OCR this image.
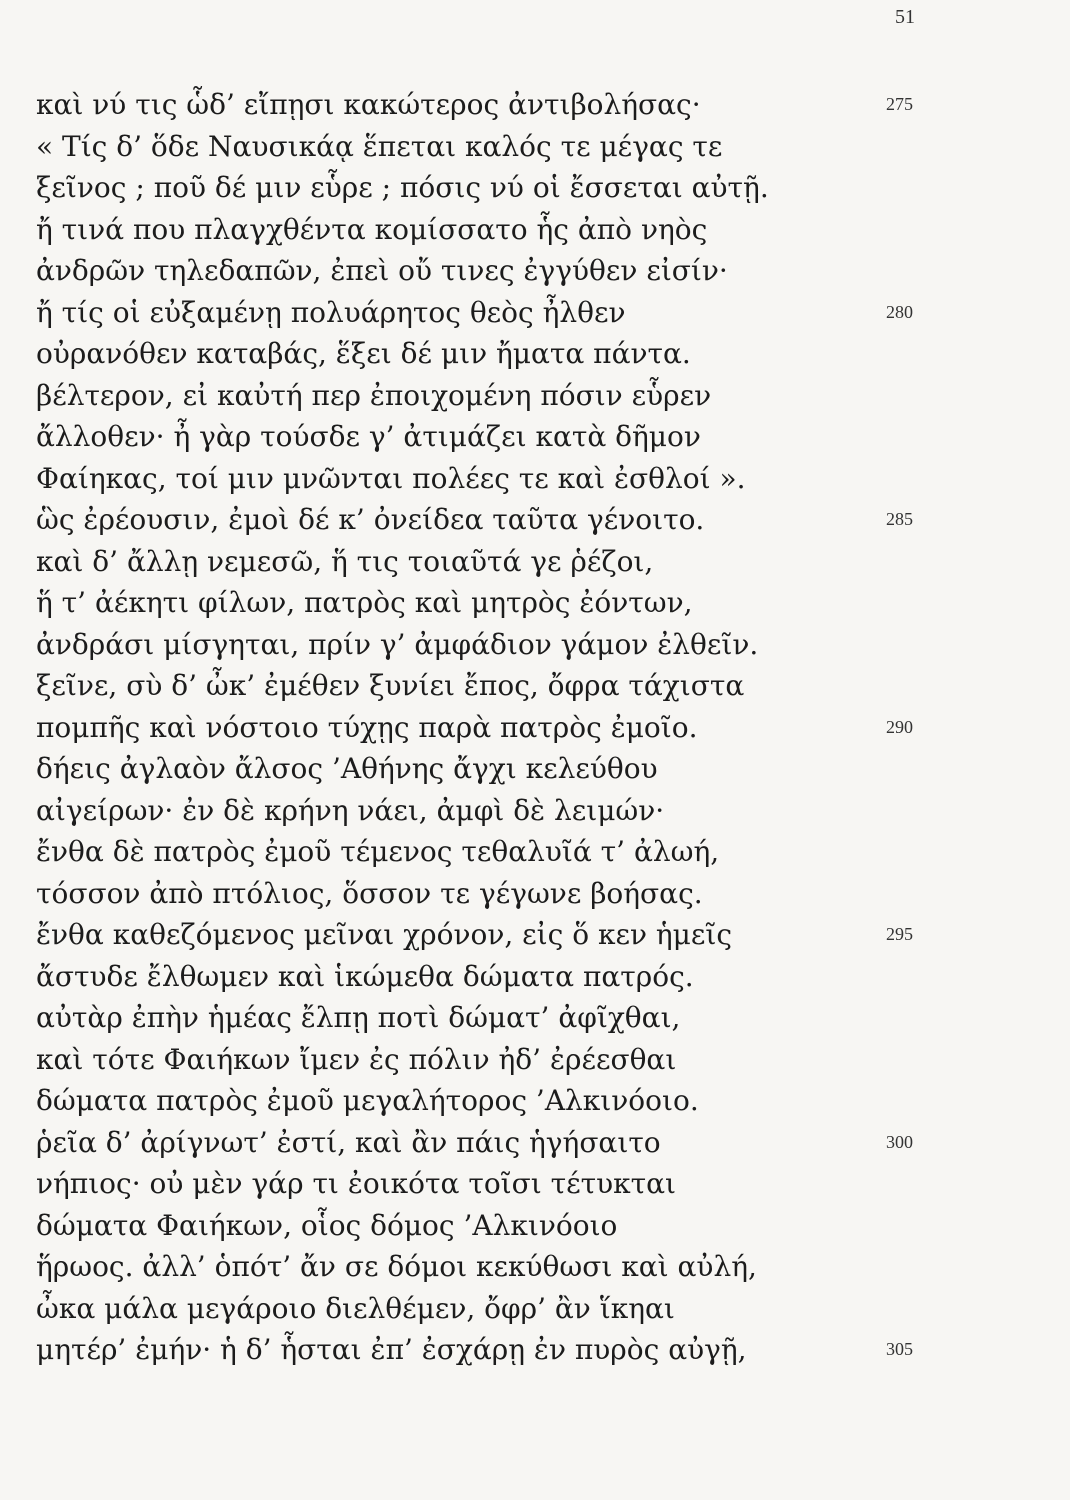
51
καὶ νύ τις ὧδ’ εἴπῃσι κακώτερος ἀντιβολήσας·	275
« Τίς δ’ ὅδε Ναυσικάᾳ ἕπεται καλός τε μέγας τε
ξεῖνος ; ποῦ δέ μιν εὗρε ; πόσις νύ οἱ ἔσσεται αὐτῇ.
ἤ τινά που πλαγχθέντα κομίσσατο ἧς ἀπὸ νηὸς
ἀνδρῶν τηλεδαπῶν, ἐπεὶ οὔ τινες ἐγγύθεν εἰσίν·
ἤ τίς οἱ εὐξαμένῃ πολυάρητος θεὸς ἦλθεν	280
οὐρανόθεν καταβάς, ἕξει δέ μιν ἤματα πάντα.
βέλτερον, εἰ καὐτή περ ἐποιχομένη πόσιν εὗρεν
ἄλλοθεν· ἦ γὰρ τούσδε γ’ ἀτιμάζει κατὰ δῆμον
Φαίηκας, τοί μιν μνῶνται πολέες τε καὶ ἐσθλοί ».
ὣς ἐρέουσιν, ἐμοὶ δέ κ’ ὀνείδεα ταῦτα γένοιτο.	285
καὶ δ’ ἄλλῃ νεμεσῶ, ἥ τις τοιαῦτά γε ῥέζοι,
ἥ τ’ ἀέκητι φίλων, πατρὸς καὶ μητρὸς ἐόντων,
ἀνδράσι μίσγηται, πρίν γ’ ἀμφάδιον γάμον ἐλθεῖν.
ξεῖνε, σὺ δ’ ὦκ’ ἐμέθεν ξυνίει ἔπος, ὄφρα τάχιστα
πομπῆς καὶ νόστοιο τύχῃς παρὰ πατρὸς ἐμοῖο.	290
δήεις ἀγλαὸν ἄλσος ’Αθήνης ἄγχι κελεύθου
αἰγείρων· ἐν δὲ κρήνη νάει, ἀμφὶ δὲ λειμών·
ἔνθα δὲ πατρὸς ἐμοῦ τέμενος τεθαλυῖά τ’ ἀλωή,
τόσσον ἀπὸ πτόλιος, ὅσσον τε γέγωνε βοήσας.
ἔνθα καθεζόμενος μεῖναι χρόνον, εἰς ὅ κεν ἡμεῖς	295
ἄστυδε ἔλθωμεν καὶ ἱκώμεθα δώματα πατρός.
αὐτὰρ ἐπὴν ἡμέας ἔλπῃ ποτὶ δώματ’ ἀφῖχθαι,
καὶ τότε Φαιήκων ἴμεν ἐς πόλιν ἠδ’ ἐρέεσθαι
δώματα πατρὸς ἐμοῦ μεγαλήτορος ’Αλκινόοιο.
ῥεῖα δ’ ἀρίγνωτ’ ἐστί, καὶ ἂν πάις ἡγήσαιτο	300
νήπιος· οὐ μὲν γάρ τι ἐοικότα τοῖσι τέτυκται
δώματα Φαιήκων, οἷος δόμος ’Αλκινόοιο
ἥρωος. ἀλλ’ ὁπότ’ ἄν σε δόμοι κεκύθωσι καὶ αὐλή,
ὦκα μάλα μεγάροιο διελθέμεν, ὄφρ’ ἂν ἵκηαι
μητέρ’ ἐμήν· ἡ δ’ ἧσται ἐπ’ ἐσχάρῃ ἐν πυρὸς αὐγῇ,	305
